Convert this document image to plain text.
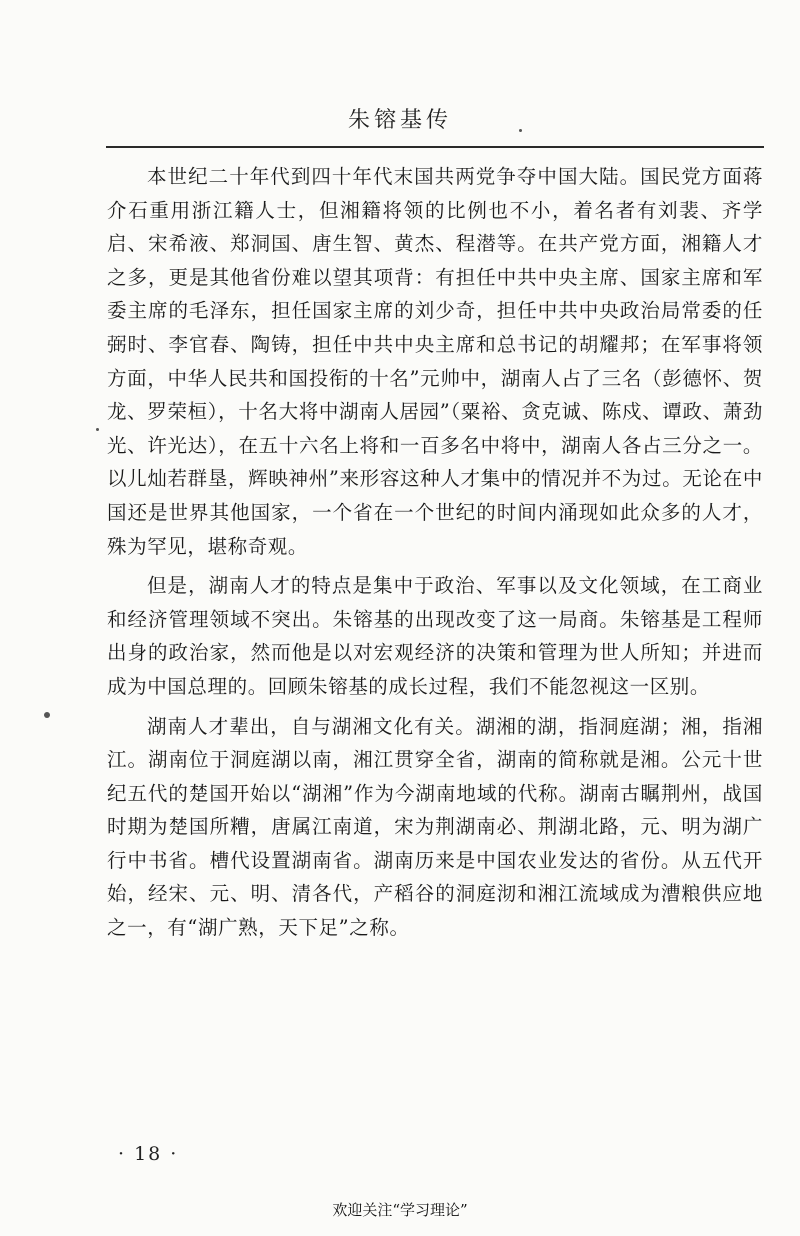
朱镕基传

本世纪二十年代到四十年代末国共两党争夺中国大陆。国民党方面蒋介石重用浙江籍人士，但湘籍将领的比例也不小，着名者有刘裴、齐学启、宋希液、郑洞国、唐生智、黄杰、程潜等。在共产党方面，湘籍人才之多，更是其他省份难以望其项背：有担任中共中央主席、国家主席和军委主席的毛泽东，担任国家主席的刘少奇，担任中共中央政治局常委的任弼时、李官春、陶铸，担任中共中央主席和总书记的胡耀邦；在军事将领方面，中华人民共和国投衔的十名”元帅中，湖南人占了三名（彭德怀、贺龙、罗荣桓），十名大将中湖南人居园”（粟裕、贪克诚、陈戍、谭政、萧劲光、许光达），在五十六名上将和一百多名中将中，湖南人各占三分之一。以儿灿若群垦，辉映神州”来形容这种人才集中的情况并不为过。无论在中国还是世界其他国家，一个省在一个世纪的时间内涌现如此众多的人才，殊为罕见，堪称奇观。

但是，湖南人才的特点是集中于政治、军事以及文化领域，在工商业和经济管理领域不突出。朱镕基的出现改变了这一局商。朱镕基是工程师出身的政治家，然而他是以对宏观经济的决策和管理为世人所知；并进而成为中国总理的。回顾朱镕基的成长过程，我们不能忽视这一区别。

湖南人才辈出，自与湖湘文化有关。湖湘的湖，指洞庭湖；湘，指湘江。湖南位于洞庭湖以南，湘江贯穿全省，湖南的简称就是湘。公元十世纪五代的楚国开始以“湖湘”作为今湖南地域的代称。湖南古瞩荆州，战国时期为楚国所糟，唐属江南道，宋为荆湖南必、荆湖北路，元、明为湖广行中书省。槽代设置湖南省。湖南历来是中国农业发达的省份。从五代开始，经宋、元、明、清各代，产稻谷的洞庭沏和湘江流域成为漕粮供应地之一，有“湖广熟，天下足”之称。

· 18 ·
欢迎关注“学习理论”
